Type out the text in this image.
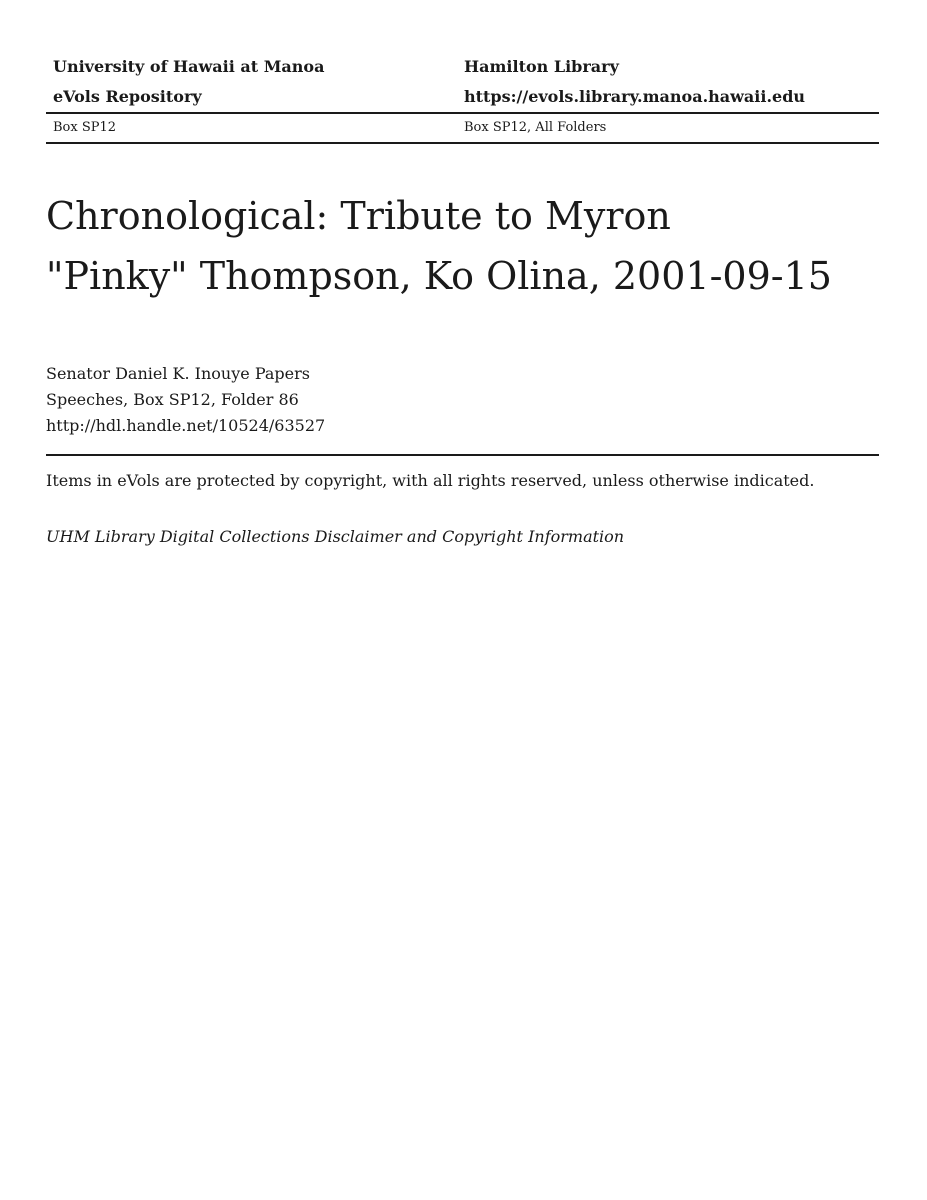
University of Hawaii at Manoa	Hamilton Library
eVols Repository	https://evols.library.manoa.hawaii.edu
Box SP12	Box SP12, All Folders
Chronological: Tribute to Myron
"Pinky" Thompson, Ko Olina, 2001-09-15
Senator Daniel K. Inouye Papers
Speeches, Box SP12, Folder 86
http://hdl.handle.net/10524/63527
Items in eVols are protected by copyright, with all rights reserved, unless otherwise indicated.
UHM Library Digital Collections Disclaimer and Copyright Information
